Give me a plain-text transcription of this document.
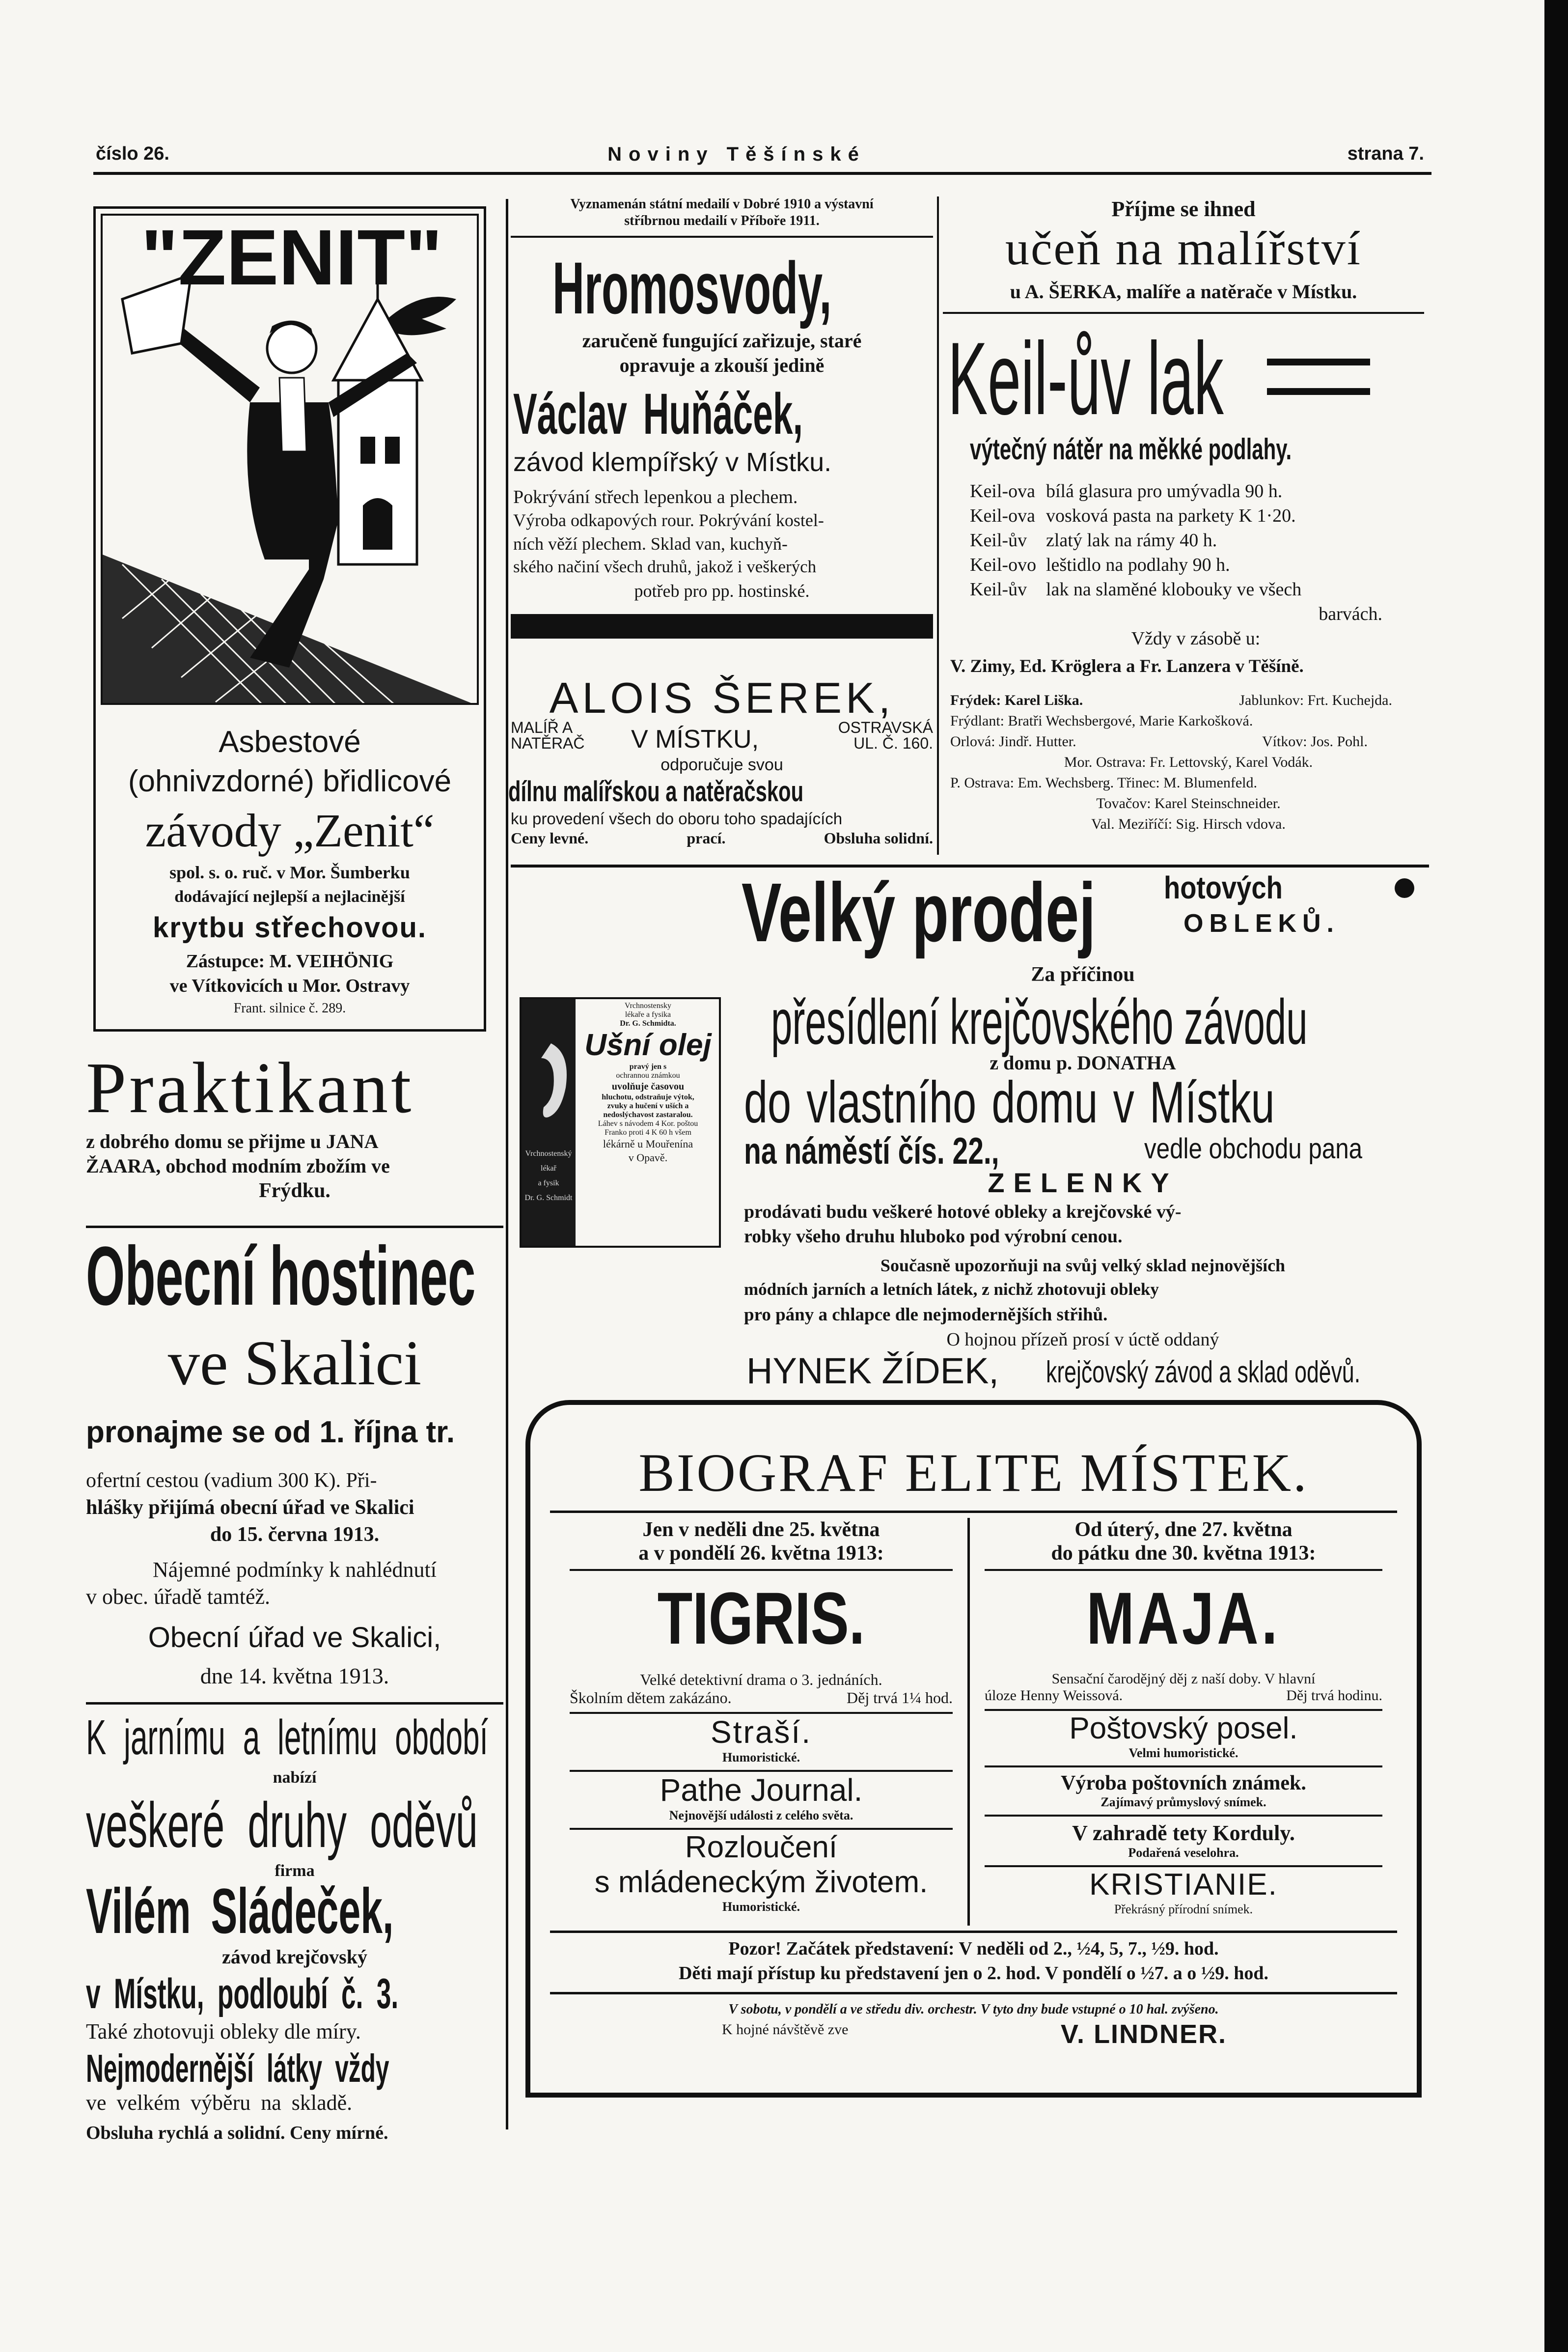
číslo 26.	Noviny Těšínské	strana 7.
"ZENIT"
Asbestové
(ohnivzdorné) břidlicové
závody „Zenit“
spol. s. o. ruč. v Mor. Šumberku
dodávající nejlepší a nejlacinější
krytbu střechovou.
Zástupce: M. VEIHÖNIG
ve Vítkovicích u Mor. Ostravy
Frant. silnice č. 289.
Praktikant
z dobrého domu se přijme u JANA
ŽAARA, obchod modním zbožím ve
Frýdku.
Obecní hostinec
ve Skalici
pronajme se od 1. října tr.
ofertní cestou (vadium 300 K). Při-
hlášky přijímá obecní úřad ve Skalici
do 15. června 1913.
Nájemné podmínky k nahlédnutí
v obec. úřadě tamtéž.
Obecní úřad ve Skalici,
dne 14. května 1913.
K jarnímu a letnímu období
nabízí
veškeré druhy oděvů
firma
Vilém Sládeček,
závod krejčovský
v Místku, podloubí č. 3.
Také zhotovuji obleky dle míry.
Nejmodernější látky vždy
ve velkém výběru na skladě.
Obsluha rychlá a solidní. Ceny mírné.
Vyznamenán státní medailí v Dobré 1910 a výstavní
stříbrnou medailí v Příboře 1911.
Hromosvody,
zaručeně fungující zařizuje, staré
opravuje a zkouší jedině
Václav Huňáček,
závod klempířský v Místku.
Pokrývání střech lepenkou a plechem.
Výroba odkapových rour. Pokrývání kostel-
ních věží plechem. Sklad van, kuchyň-
ského načiní všech druhů, jakož i veškerých
potřeb pro pp. hostinské.
ALOIS ŠEREK,
MALÍŘ A
NATĚRAČ V MÍSTKU,	OSTRAVSKÁ
UL. Č. 160.
odporučuje svou
dílnu malířskou a natěračskou
ku provedení všech do oboru toho spadajících
Ceny levné.	prací.	Obsluha solidní.
Příjme se ihned
učeň na malířství
u A. ŠERKA, malíře a natěrače v Místku.
Keil-ův lak
výtečný nátěr na měkké podlahy.
Keil-ova bílá glasura pro umývadla 90 h.
Keil-ova vosková pasta na parkety K 1·20.
Keil-ův zlatý lak na rámy 40 h.
Keil-ovo leštidlo na podlahy 90 h.
Keil-ův lak na slaměné klobouky ve všech
barvách.
Vždy v zásobě u:
V. Zimy, Ed. Kröglera a Fr. Lanzera v Těšíně.
Frýdek: Karel Liška.	Jablunkov: Frt. Kuchejda.
Frýdlant: Bratři Wechsbergové, Marie Karkošková.
Orlová: Jindř. Hutter.	Vítkov: Jos. Pohl.
Mor. Ostrava: Fr. Lettovský, Karel Vodák.
P. Ostrava: Em. Wechsberg. Třinec: M. Blumenfeld.
Tovačov: Karel Steinschneider.
Val. Meziříčí: Sig. Hirsch vdova.
Vrchnostenský
lékař
a fysik
Dr. G. Schmidt
Vrchnostensky
lékaře a fysika
Dr. G. Schmidta.
Ušní olej
pravý jen s
ochrannou známkou
uvolňuje časovou
hluchotu, odstraňuje výtok,
zvuky a hučení v uších a
nedoslýchavost zastaralou.
Láhev s návodem 4 Kor. poštou
Franko proti 4 K 60 h všem
lékárně u Mouřenína
v Opavě.
Velký prodej hotových
OBLEKŮ.
Za příčinou
přesídlení krejčovského závodu
z domu p. DONATHA
do vlastního domu v Místku
na náměstí čís. 22.,	vedle obchodu pana
ZELENKY
prodávati budu veškeré hotové obleky a krejčovské vý-
robky všeho druhu hluboko pod výrobní cenou.
Současně upozorňuji na svůj velký sklad nejnovějších
módních jarních a letních látek, z nichž zhotovuji obleky
pro pány a chlapce dle nejmodernějších střihů.
O hojnou přízeň prosí v úctě oddaný
HYNEK ŽÍDEK, krejčovský závod a sklad oděvů.
BIOGRAF ELITE MÍSTEK.
Jen v neděli dne 25. května
a v pondělí 26. května 1913:
TIGRIS.
Velké detektivní drama o 3. jednáních.
Školním dětem zakázáno.	Děj trvá 1¼ hod.
Straší.
Humoristické.
Pathe Journal.
Nejnovější události z celého světa.
Rozloučení
s mládeneckým životem.
Humoristické.
Od úterý, dne 27. května
do pátku dne 30. května 1913:
MAJA.
Sensační čarodějný děj z naší doby. V hlavní
úloze Henny Weissová.	Děj trvá hodinu.
Poštovský posel.
Velmi humoristické.
Výroba poštovních známek.
Zajímavý průmyslový snímek.
V zahradě tety Korduly.
Podařená veselohra.
KRISTIANIE.
Překrásný přírodní snímek.
Pozor! Začátek představení: V neděli od 2., ½4, 5, 7., ½9. hod.
Děti mají přístup ku představení jen o 2. hod. V pondělí o ½7. a o ½9. hod.
V sobotu, v pondělí a ve středu div. orchestr. V tyto dny bude vstupné o 10 hal. zvýšeno.
K hojné návštěvě zve	V. LINDNER.
